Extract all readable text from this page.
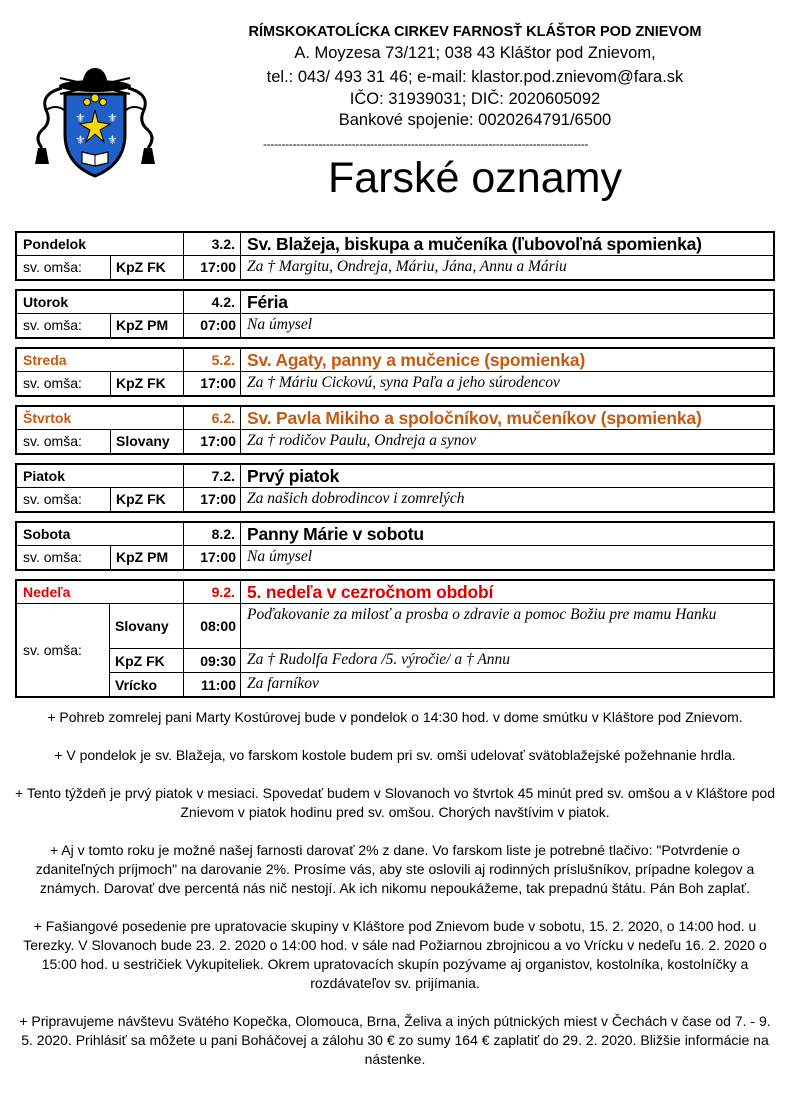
⚜ ⚜
⚜ ⚜
RÍMSKOKATOLÍCKA CIRKEV FARNOSŤ KLÁŠTOR POD ZNIEVOM
A. Moyzesa 73/121; 038 43 Kláštor pod Znievom,
tel.: 043/ 493 31 46; e-mail: klastor.pod.znievom@fara.sk
IČO: 31939031; DIČ: 2020605092
Bankové spojenie: 0020264791/6500
----------------------------------------------------------------------------------------
Farské oznamy
Pondelok	3.2. Sv. Blažeja, biskupa a mučeníka (ľubovoľná spomienka)
sv. omša:	KpZ FK	17:00 Za † Margitu, Ondreja, Máriu, Jána, Annu a Máriu
Utorok	4.2. Féria
sv. omša:	KpZ PM	07:00 Na úmysel
Streda	5.2. Sv. Agaty, panny a mučenice (spomienka)
sv. omša:	KpZ FK	17:00 Za † Máriu Cickovú, syna Paľa a jeho súrodencov
Štvrtok	6.2. Sv. Pavla Mikiho a spoločníkov, mučeníkov (spomienka)
sv. omša:	Slovany	17:00 Za † rodičov Paulu, Ondreja a synov
Piatok	7.2. Prvý piatok
sv. omša:	KpZ FK	17:00 Za našich dobrodincov i zomrelých
Sobota	8.2. Panny Márie v sobotu
sv. omša:	KpZ PM	17:00 Na úmysel
Nedeľa	9.2. 5. nedeľa v cezročnom období
sv. omša:
Slovany	08:00
Poďakovanie za milosť a prosba o zdravie a pomoc Božiu pre mamu Hanku
KpZ FK	09:30 Za † Rudolfa Fedora /5. výročie/ a † Annu
Vrícko	11:00 Za farníkov

+ Pohreb zomrelej pani Marty Kostúrovej bude v pondelok o 14:30 hod. v dome smútku v Kláštore pod Znievom.

+ V pondelok je sv. Blažeja, vo farskom kostole budem pri sv. omši udelovať svätoblažejské požehnanie hrdla.

+ Tento týždeň je prvý piatok v mesiaci. Spovedať budem v Slovanoch vo štvrtok 45 minút pred sv. omšou a v Kláštore pod Znievom v piatok hodinu pred sv. omšou. Chorých navštívim v piatok.

+ Aj v tomto roku je možné našej farnosti darovať 2% z dane. Vo farskom liste je potrebné tlačivo: "Potvrdenie o zdaniteľných príjmoch" na darovanie 2%. Prosíme vás, aby ste oslovili aj rodinných príslušníkov, prípadne kolegov a známych. Darovať dve percentá nás nič nestojí. Ak ich nikomu nepoukážeme, tak prepadnú štátu. Pán Boh zaplať.

+ Fašiangové posedenie pre upratovacie skupiny v Kláštore pod Znievom bude v sobotu, 15. 2. 2020, o 14:00 hod. u Terezky. V Slovanoch bude 23. 2. 2020 o 14:00 hod. v sále nad Požiarnou zbrojnicou a vo Vrícku v nedeľu 16. 2. 2020 o 15:00 hod. u sestričiek Vykupiteliek. Okrem upratovacích skupín pozývame aj organistov, kostolníka, kostolníčky a rozdávateľov sv. prijímania.

+ Pripravujeme návštevu Svätého Kopečka, Olomouca, Brna, Želiva a iných pútnických miest v Čechách v čase od 7. - 9. 5. 2020. Prihlásiť sa môžete u pani Boháčovej a zálohu 30 € zo sumy 164 € zaplatiť do 29. 2. 2020. Bližšie informácie na nástenke.
